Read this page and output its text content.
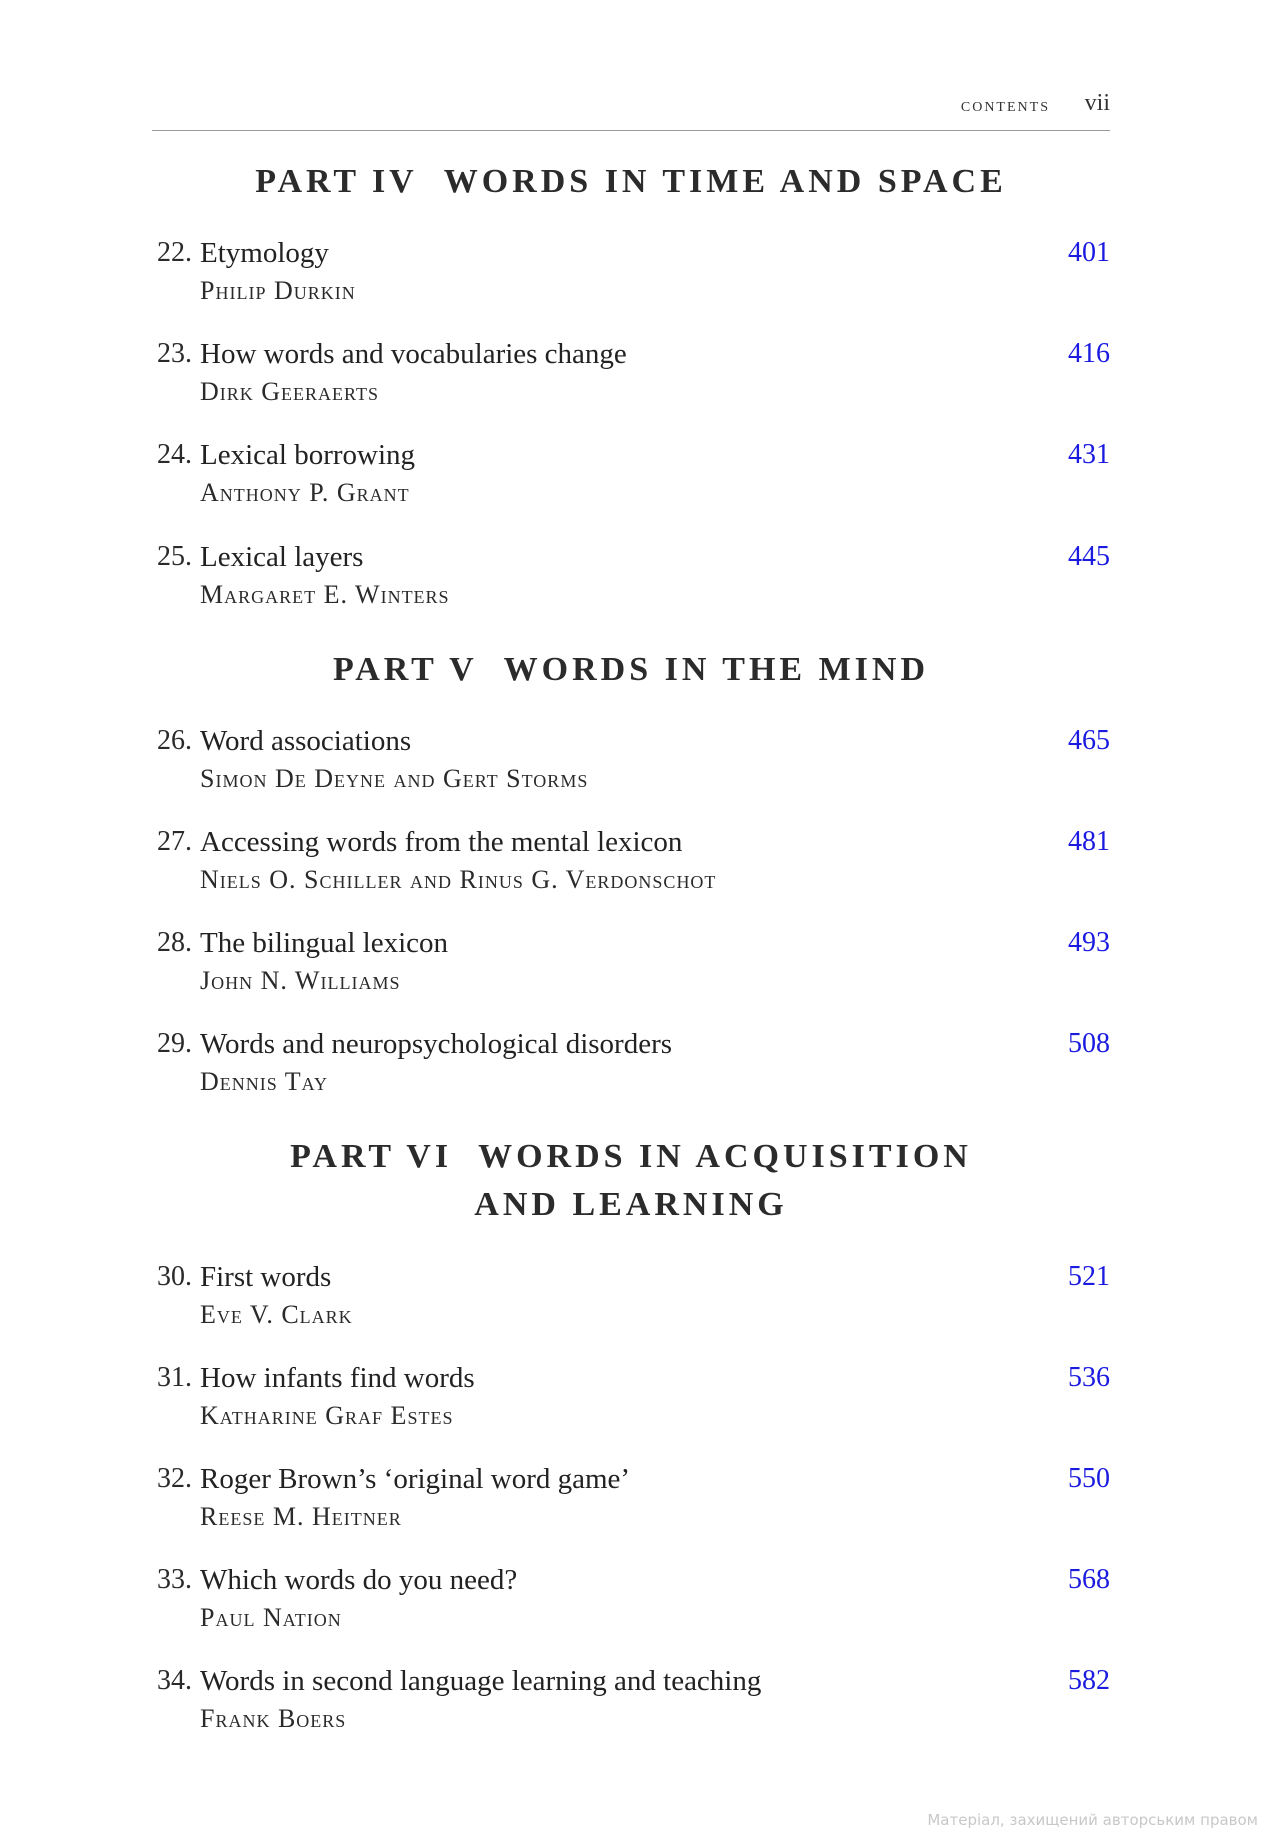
contents vii
PART IV WORDS IN TIME AND SPACE
22. Etymology
Philip Durkin
401
23. How words and vocabularies change
Dirk Geeraerts
416
24. Lexical borrowing
Anthony P. Grant
431
25. Lexical layers
Margaret E. Winters
445
PART V WORDS IN THE MIND
26. Word associations
Simon De Deyne and Gert Storms
465
27. Accessing words from the mental lexicon
Niels O. Schiller and Rinus G. Verdonschot
481
28. The bilingual lexicon
John N. Williams
493
29. Words and neuropsychological disorders
Dennis Tay
508
PART VI WORDS IN ACQUISITION
AND LEARNING
30. First words
Eve V. Clark
521
31. How infants find words
Katharine Graf Estes
536
32. Roger Brown’s ‘original word game’
Reese M. Heitner
550
33. Which words do you need?
Paul Nation
568
34. Words in second language learning and teaching
Frank Boers
582
Матеріал, захищений авторським правом
